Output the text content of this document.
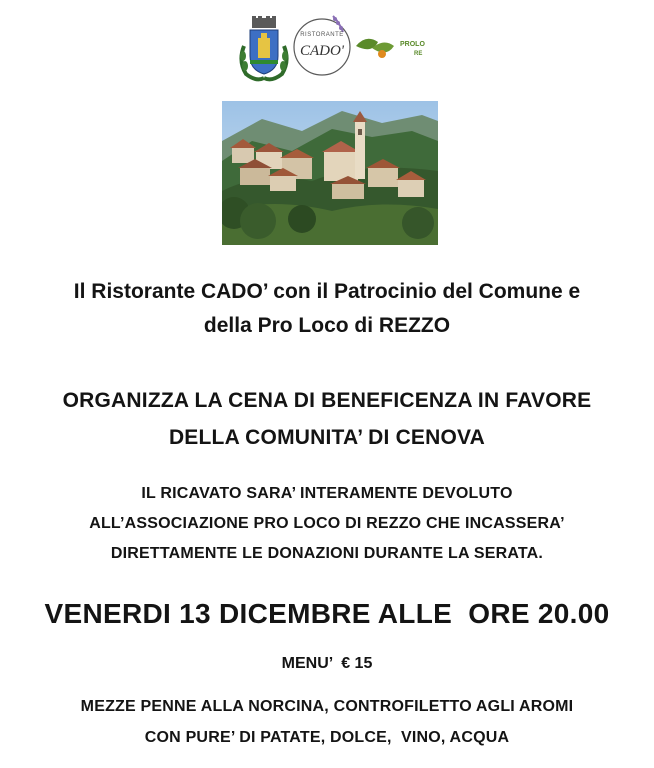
RISTORANTE
CADO'	PROLO
RE
Il Ristorante CADO’ con il Patrocinio del Comune e
della Pro Loco di REZZO
ORGANIZZA LA CENA DI BENEFICENZA IN FAVORE
DELLA COMUNITA’ DI CENOVA
IL RICAVATO SARA’ INTERAMENTE DEVOLUTO
ALL’ASSOCIAZIONE PRO LOCO DI REZZO CHE INCASSERA’
DIRETTAMENTE LE DONAZIONI DURANTE LA SERATA.
VENERDI 13 DICEMBRE ALLE  ORE 20.00
MENU’  € 15
MEZZE PENNE ALLA NORCINA, CONTROFILETTO AGLI AROMI
CON PURE’ DI PATATE, DOLCE,  VINO, ACQUA
